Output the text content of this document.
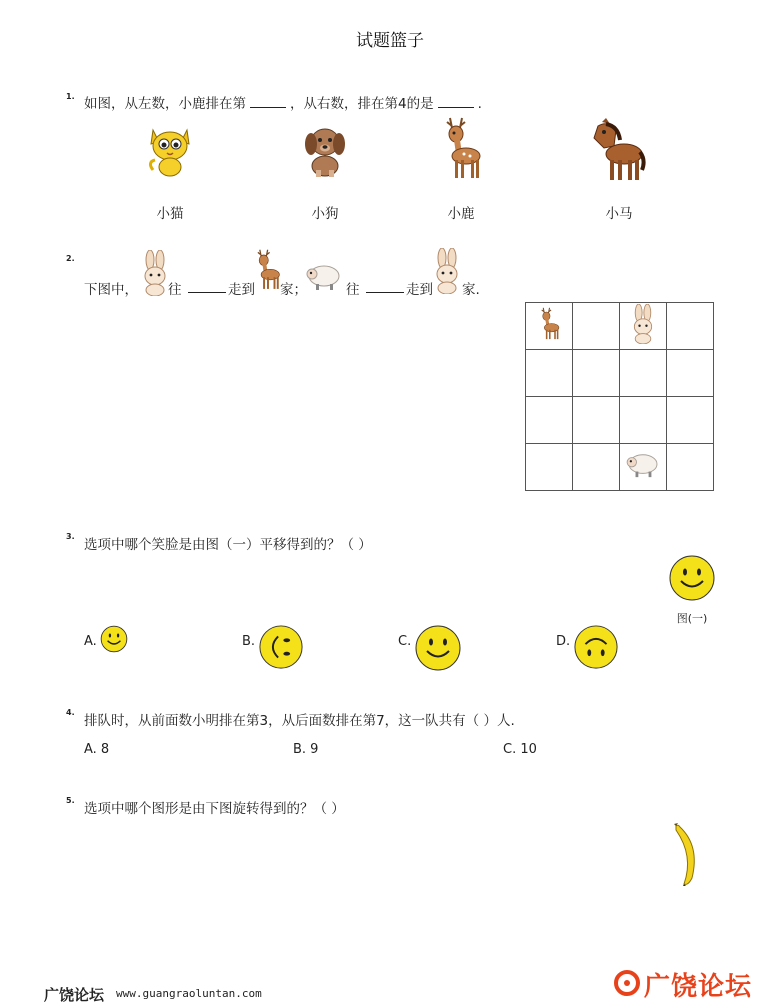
试题篮子
1. 如图，从左数，小鹿排在第	，从右数，排在第4的是	.
小猫	小狗	小鹿	小马
2.
下图中， 往	走到 家；	往	走到 家.

3.
选项中哪个笑脸是由图（一）平移得到的？（ ）
图(一)
A.	B.	C.	D.
4.
排队时，从前面数小明排在第3，从后面数排在第7，这一队共有（ ）人.
A. 8	B. 9	C. 10
5.
选项中哪个图形是由下图旋转得到的？（ ）
广饶论坛 www.guangraoluntan.com	广饶论坛
